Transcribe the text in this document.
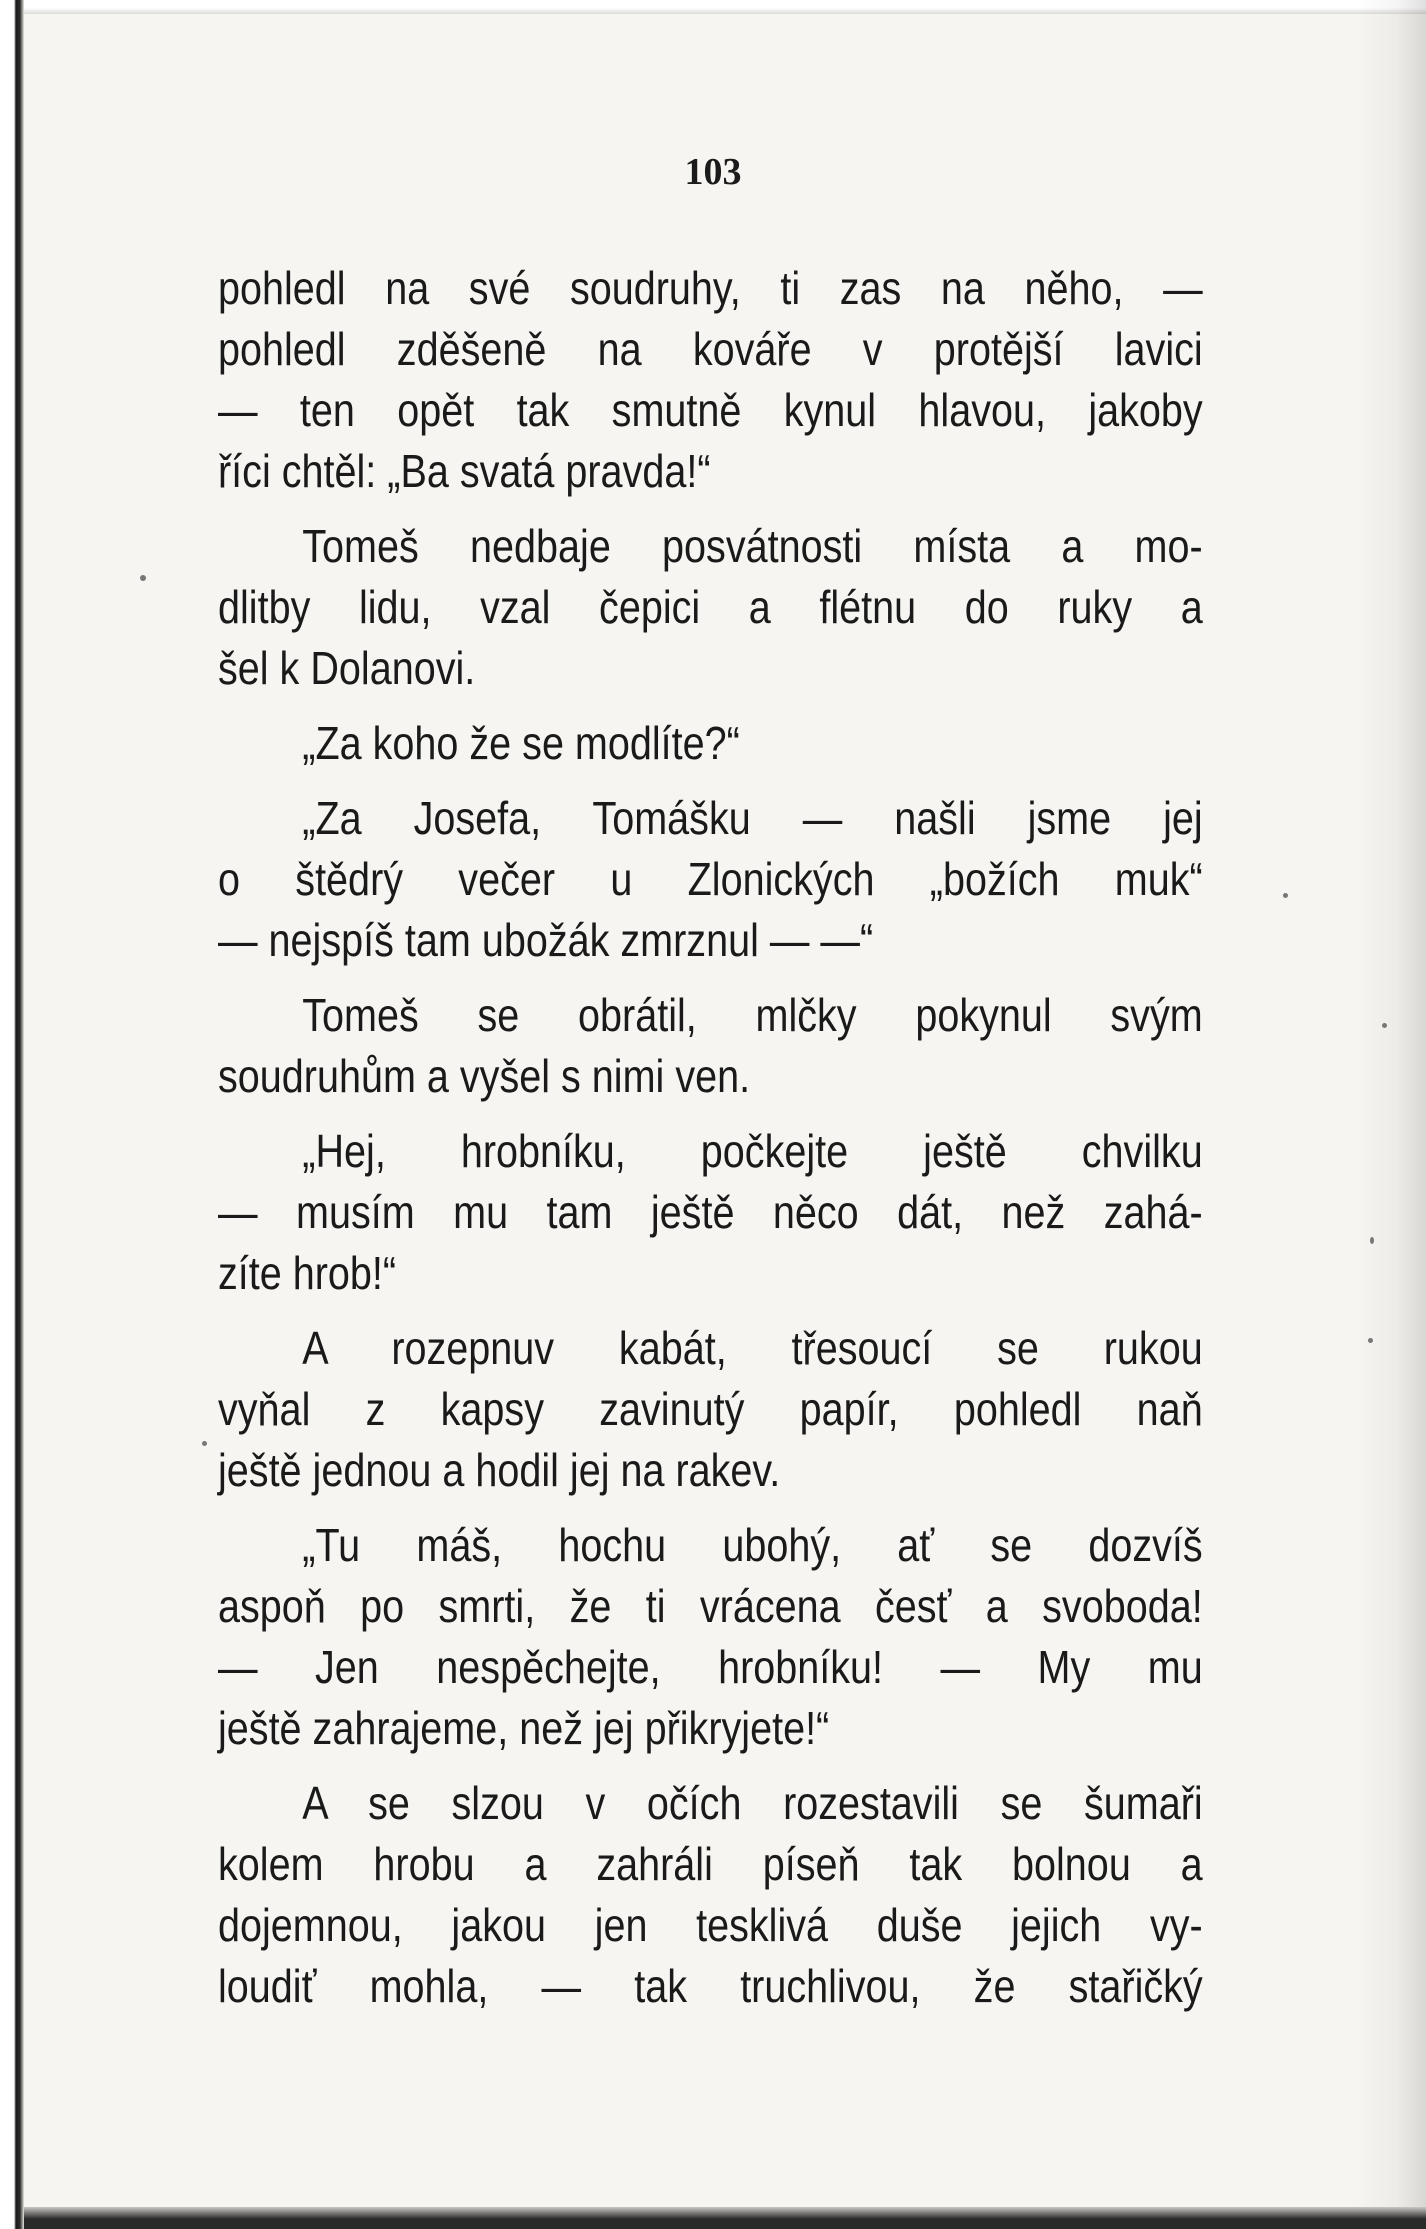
103
pohledl na své soudruhy, ti zas na něho, —
pohledl zděšeně na kováře v protější lavici
— ten opět tak smutně kynul hlavou, jakoby
říci chtěl: „Ba svatá pravda!“
Tomeš nedbaje posvátnosti místa a mo-
dlitby lidu, vzal čepici a flétnu do ruky a
šel k Dolanovi.
„Za koho že se modlíte?“
„Za Josefa, Tomášku — našli jsme jej
o štědrý večer u Zlonických „božích muk“
— nejspíš tam ubožák zmrznul — —“
Tomeš se obrátil, mlčky pokynul svým
soudruhům a vyšel s nimi ven.
„Hej, hrobníku, počkejte ještě chvilku
— musím mu tam ještě něco dát, než zahá-
zíte hrob!“
A rozepnuv kabát, třesoucí se rukou
vyňal z kapsy zavinutý papír, pohledl naň
ještě jednou a hodil jej na rakev.
„Tu máš, hochu ubohý, ať se dozvíš
aspoň po smrti, že ti vrácena česť a svoboda!
— Jen nespěchejte, hrobníku! — My mu
ještě zahrajeme, než jej přikryjete!“
A se slzou v očích rozestavili se šumaři
kolem hrobu a zahráli píseň tak bolnou a
dojemnou, jakou jen tesklivá duše jejich vy-
loudiť mohla, — tak truchlivou, že stařičký
